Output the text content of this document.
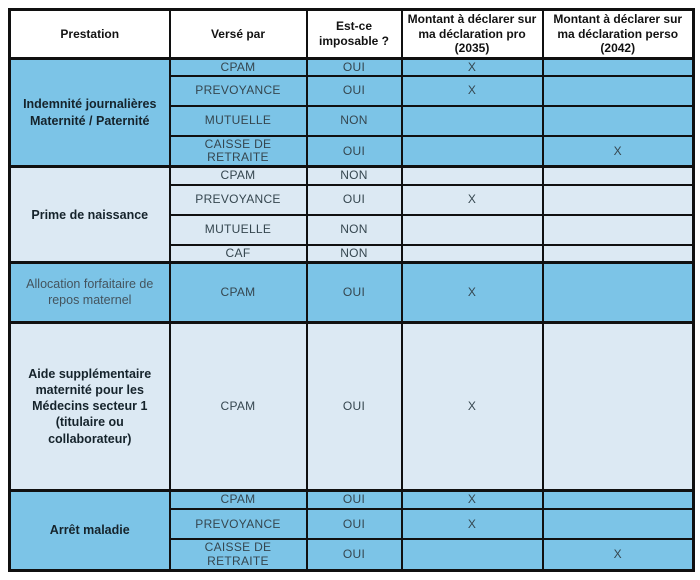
Prestation	Versé par	Est-ce imposable ?	Montant à déclarer sur ma déclaration pro (2035)	Montant à déclarer sur ma déclaration perso (2042)
Indemnité journalières Maternité / Paternité	CPAM	OUI	X	
	PREVOYANCE	OUI	X	
	MUTUELLE	NON		
	CAISSE DE RETRAITE	OUI		X
Prime de naissance	CPAM	NON		
	PREVOYANCE	OUI	X	
	MUTUELLE	NON		
	CAF	NON		
Allocation forfaitaire de repos maternel	CPAM	OUI	X	
Aide supplémentaire maternité pour les Médecins secteur 1 (titulaire ou collaborateur)	CPAM	OUI	X	
Arrêt maladie	CPAM	OUI	X	
	PREVOYANCE	OUI	X	
	CAISSE DE RETRAITE	OUI		X
